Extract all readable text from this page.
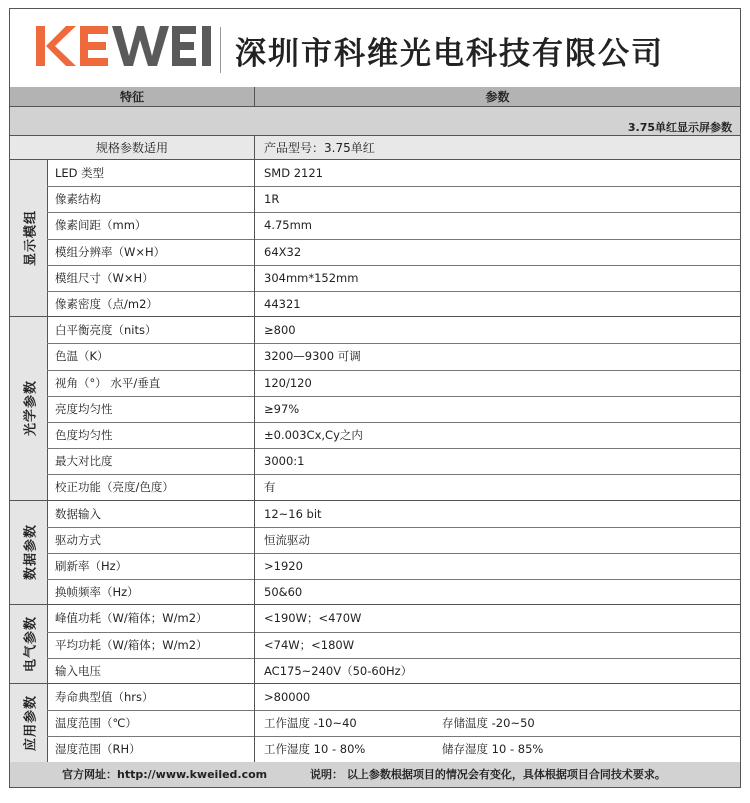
深圳市科维光电科技有限公司
特征	参数
3.75单红显示屏参数
规格参数适用	产品型号：3.75单红
显示模组
LED 类型	SMD 2121
像素结构	1R
像素间距（mm）	4.75mm
模组分辨率（W×H）	64X32
模组尺寸（W×H）	304mm*152mm
像素密度（点/m2）	44321
光学参数
白平衡亮度（nits）	≥800
色温（K）	3200—9300 可调
视角（°） 水平/垂直	120/120
亮度均匀性	≥97%
色度均匀性	±0.003Cx,Cy之内
最大对比度	3000:1
校正功能（亮度/色度）	有
数据参数
数据输入	12~16 bit
驱动方式	恒流驱动
刷新率（Hz）	>1920
换帧频率（Hz）	50&60
电气参数	峰值功耗（W/箱体；W/m2）	<190W；<470W
平均功耗（W/箱体；W/m2）	<74W；<180W
输入电压	AC175~240V（50-60Hz）
应用参数	寿命典型值（hrs）	>80000
温度范围（℃）	工作温度 -10~40	存储温度 -20~50
湿度范围（RH）	工作湿度 10 - 80%	储存湿度 10 - 85%
官方网址：http://www.kweiled.com	说明： 以上参数根据项目的情况会有变化，具体根据项目合同技术要求。
